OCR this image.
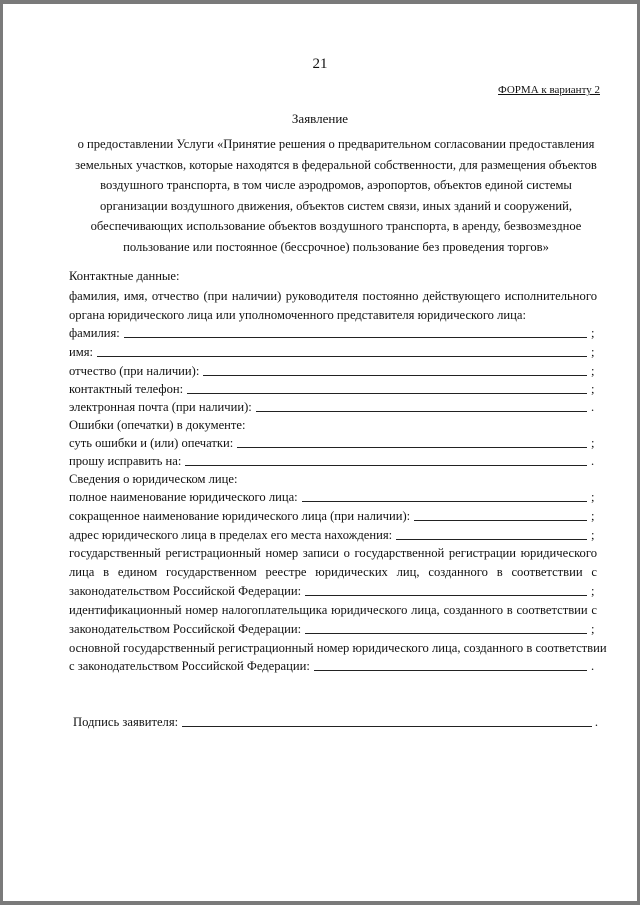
21
ФОРМА к варианту 2
Заявление
о предоставлении Услуги «Принятие решения о предварительном согласовании предоставления
земельных участков, которые находятся в федеральной собственности, для размещения объектов
воздушного транспорта, в том числе аэродромов, аэропортов, объектов единой системы
организации воздушного движения, объектов систем связи, иных зданий и сооружений,
обеспечивающих использование объектов воздушного транспорта, в аренду, безвозмездное
пользование или постоянное (бессрочное) пользование без проведения торгов»
Контактные данные:
фамилия, имя, отчество (при наличии) руководителя постоянно действующего исполнительного
органа юридического лица или уполномоченного представителя юридического лица:
фамилия:	;
имя:	;
отчество (при наличии):	;
контактный телефон:	;
электронная почта (при наличии):	.
Ошибки (опечатки) в документе:
суть ошибки и (или) опечатки:	;
прошу исправить на:	.
Сведения о юридическом лице:
полное наименование юридического лица:	;
сокращенное наименование юридического лица (при наличии):	;
адрес юридического лица в пределах его места нахождения:	;
государственный регистрационный номер записи о государственной регистрации юридического
лица в едином государственном реестре юридических лиц, созданного в соответствии с
законодательством Российской Федерации:	;
идентификационный номер налогоплательщика юридического лица, созданного в соответствии с
законодательством Российской Федерации:	;
основной государственный регистрационный номер юридического лица, созданного в соответствии
с законодательством Российской Федерации:	.
Подпись заявителя:	.
